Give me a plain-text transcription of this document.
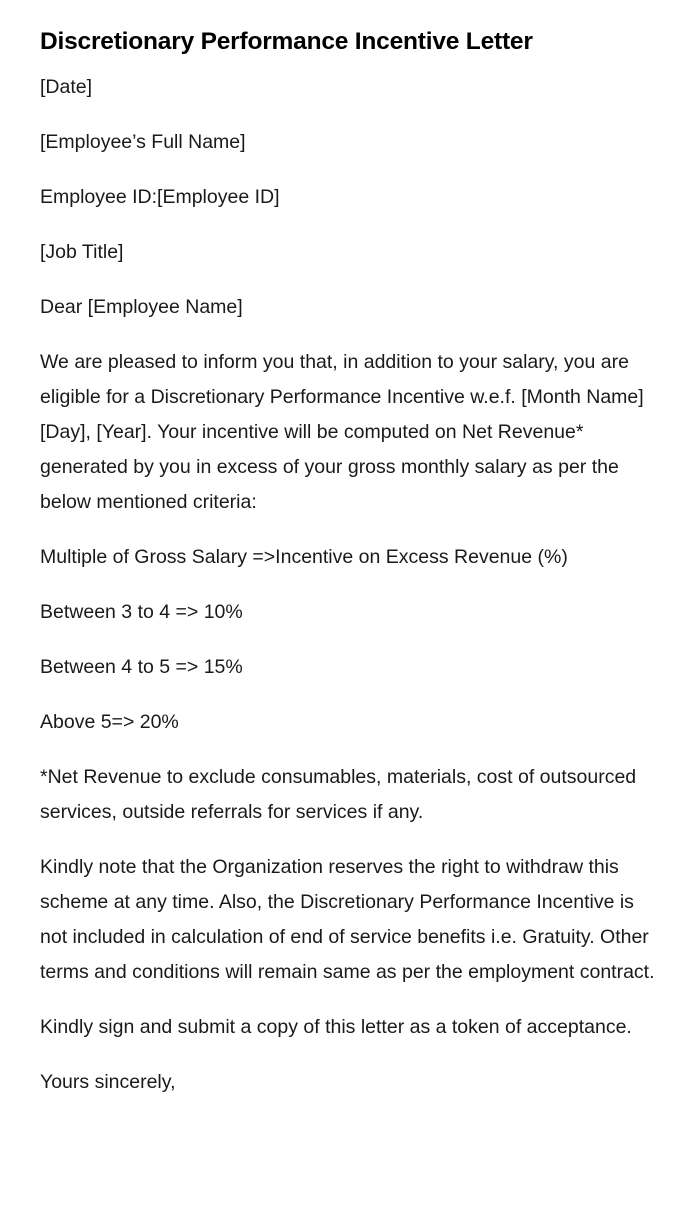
Discretionary Performance Incentive Letter

[Date]

[Employee’s Full Name]

Employee ID:[Employee ID]

[Job Title]

Dear [Employee Name]

We are pleased to inform you that, in addition to your salary, you are eligible for a Discretionary Performance Incentive w.e.f. [Month Name] [Day], [Year]. Your incentive will be computed on Net Revenue* generated by you in excess of your gross monthly salary as per the below mentioned criteria:

Multiple of Gross Salary =>Incentive on Excess Revenue (%)

Between 3 to 4 => 10%

Between 4 to 5 => 15%

Above 5=> 20%

*Net Revenue to exclude consumables, materials, cost of outsourced services, outside referrals for services if any.

Kindly note that the Organization reserves the right to withdraw this scheme at any time. Also, the Discretionary Performance Incentive is not included in calculation of end of service benefits i.e. Gratuity. Other terms and conditions will remain same as per the employment contract.

Kindly sign and submit a copy of this letter as a token of acceptance.

Yours sincerely,
